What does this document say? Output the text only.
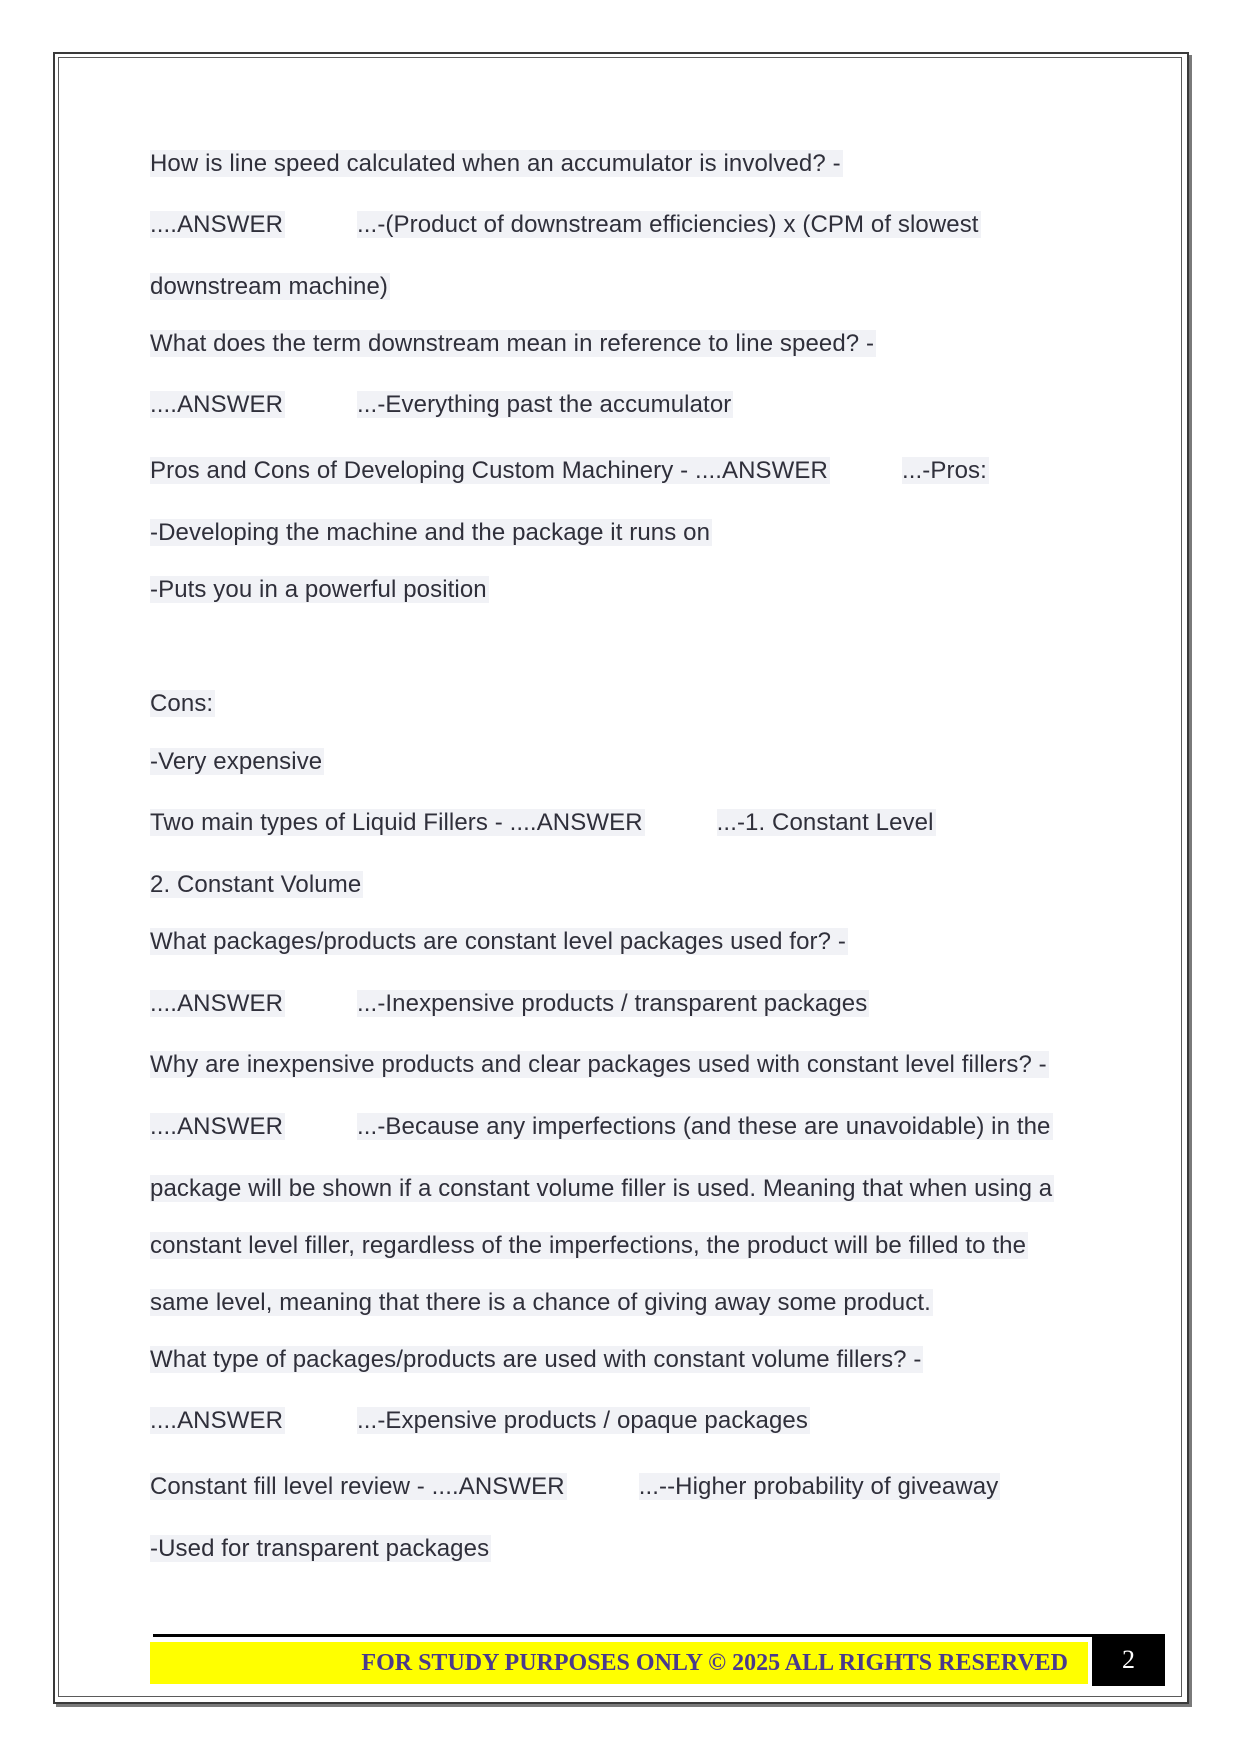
How is line speed calculated when an accumulator is involved? -
....ANSWER	...-(Product of downstream efficiencies) x (CPM of slowest
downstream machine)
What does the term downstream mean in reference to line speed? -
....ANSWER	...-Everything past the accumulator
Pros and Cons of Developing Custom Machinery - ....ANSWER	...-Pros:
-Developing the machine and the package it runs on
-Puts you in a powerful position
Cons:
-Very expensive
Two main types of Liquid Fillers - ....ANSWER	...-1. Constant Level
2. Constant Volume
What packages/products are constant level packages used for? -
....ANSWER	...-Inexpensive products / transparent packages
Why are inexpensive products and clear packages used with constant level fillers? -
....ANSWER	...-Because any imperfections (and these are unavoidable) in the
package will be shown if a constant volume filler is used. Meaning that when using a
constant level filler, regardless of the imperfections, the product will be filled to the
same level, meaning that there is a chance of giving away some product.
What type of packages/products are used with constant volume fillers? -
....ANSWER	...-Expensive products / opaque packages
Constant fill level review - ....ANSWER	...--Higher probability of giveaway
-Used for transparent packages
FOR STUDY PURPOSES ONLY © 2025 ALL RIGHTS RESERVED	2
